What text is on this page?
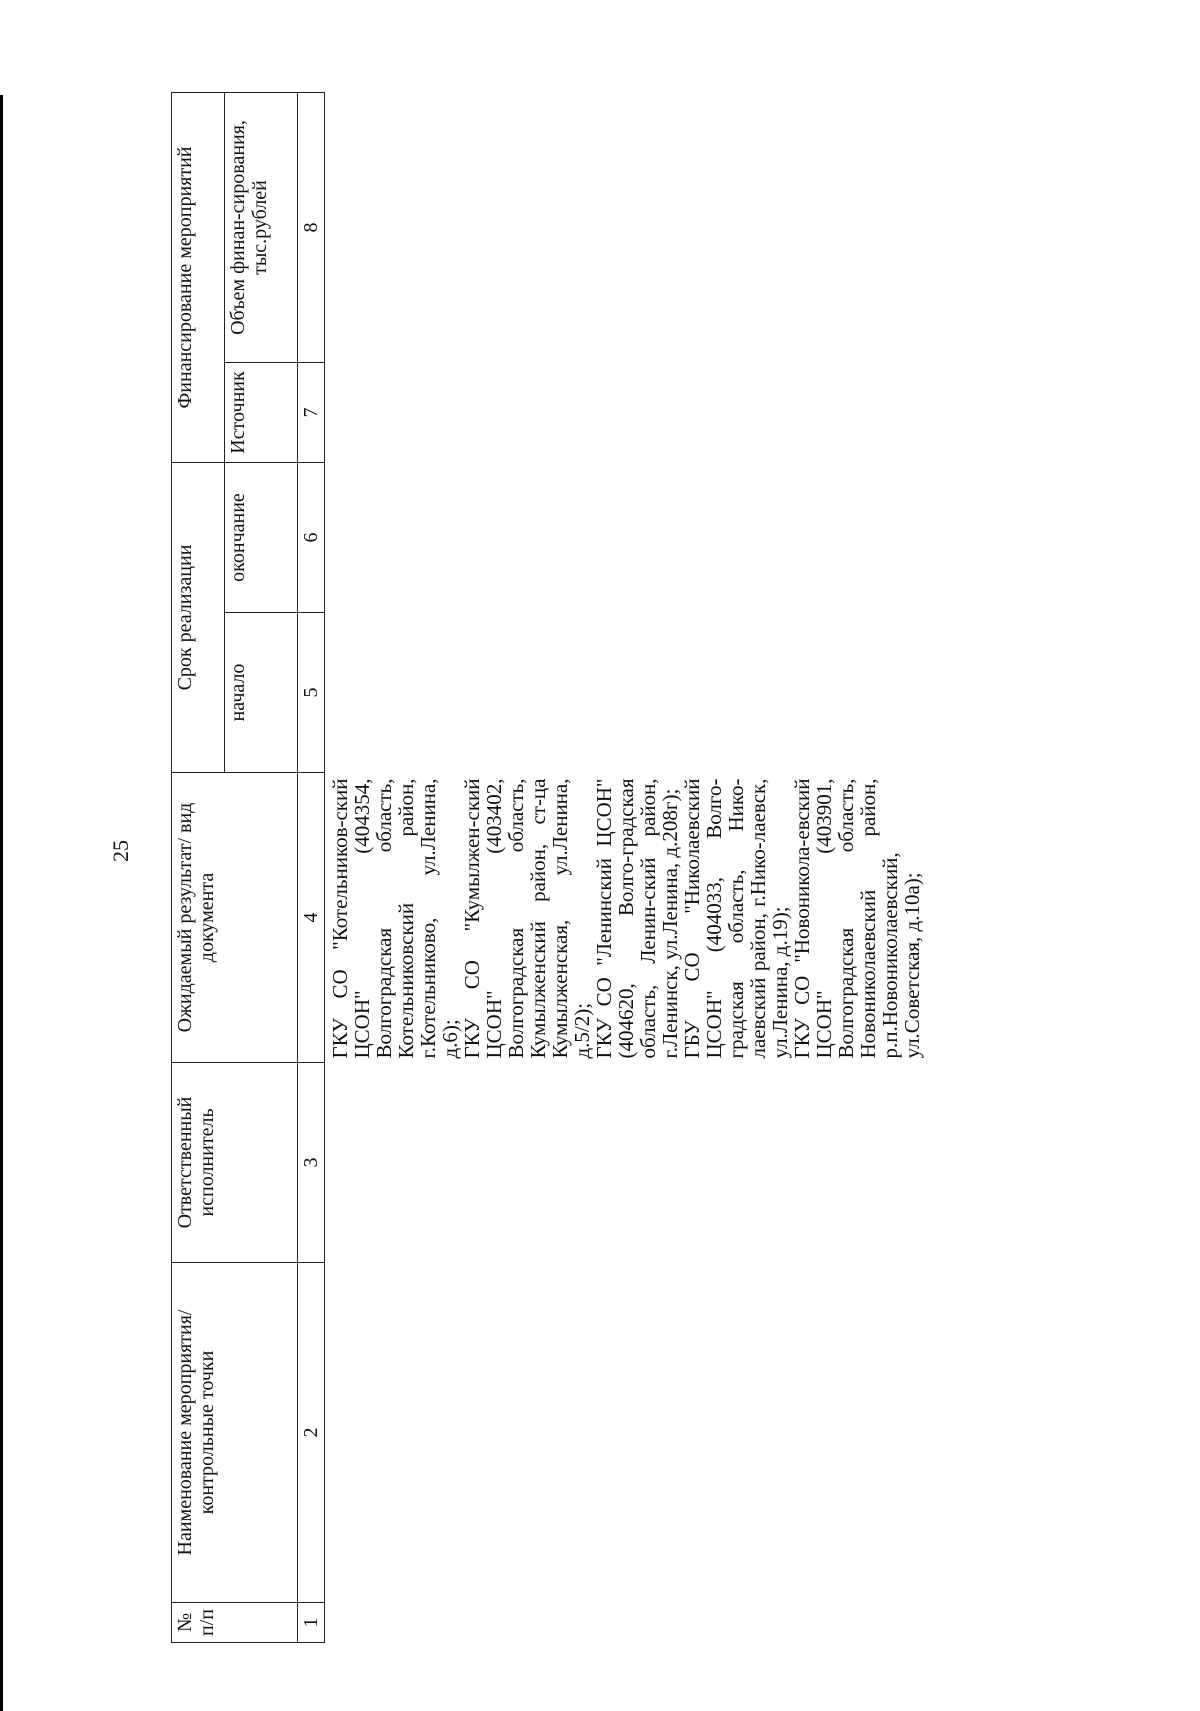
25
№ п/п	Наименование мероприятия/ контрольные точки	Ответственный исполнитель	Ожидаемый результат/ вид документа	Срок реализации		Финансирование мероприятий	
				начало	окончание	Источник	Объем финан-сирования, тыс.рублей
1	2	3	4	5	6	7	8

			ГКУ СО "Котельников-ский ЦСОН" (404354, Волгоградская область, Котельниковский район, г.Котельниково, ул.Ленина, д.6);
ГКУ СО "Кумылжен-ский ЦСОН" (403402, Волгоградская область, Кумылженский район, ст-ца Кумылженская, ул.Ленина, д.5/2);
ГКУ СО "Ленинский ЦСОН" (404620, Волго-градская область, Ленин-ский район, г.Ленинск, ул.Ленина, д.208г);
ГБУ СО "Николаевский ЦСОН" (404033, Волго-градская область, Нико-лаевский район, г.Нико-лаевск, ул.Ленина, д.19);
ГКУ СО "Новоникола-евский ЦСОН" (403901, Волгоградская область, Новониколаевский район, р.п.Новониколаевский, ул.Советская, д.10а);				
